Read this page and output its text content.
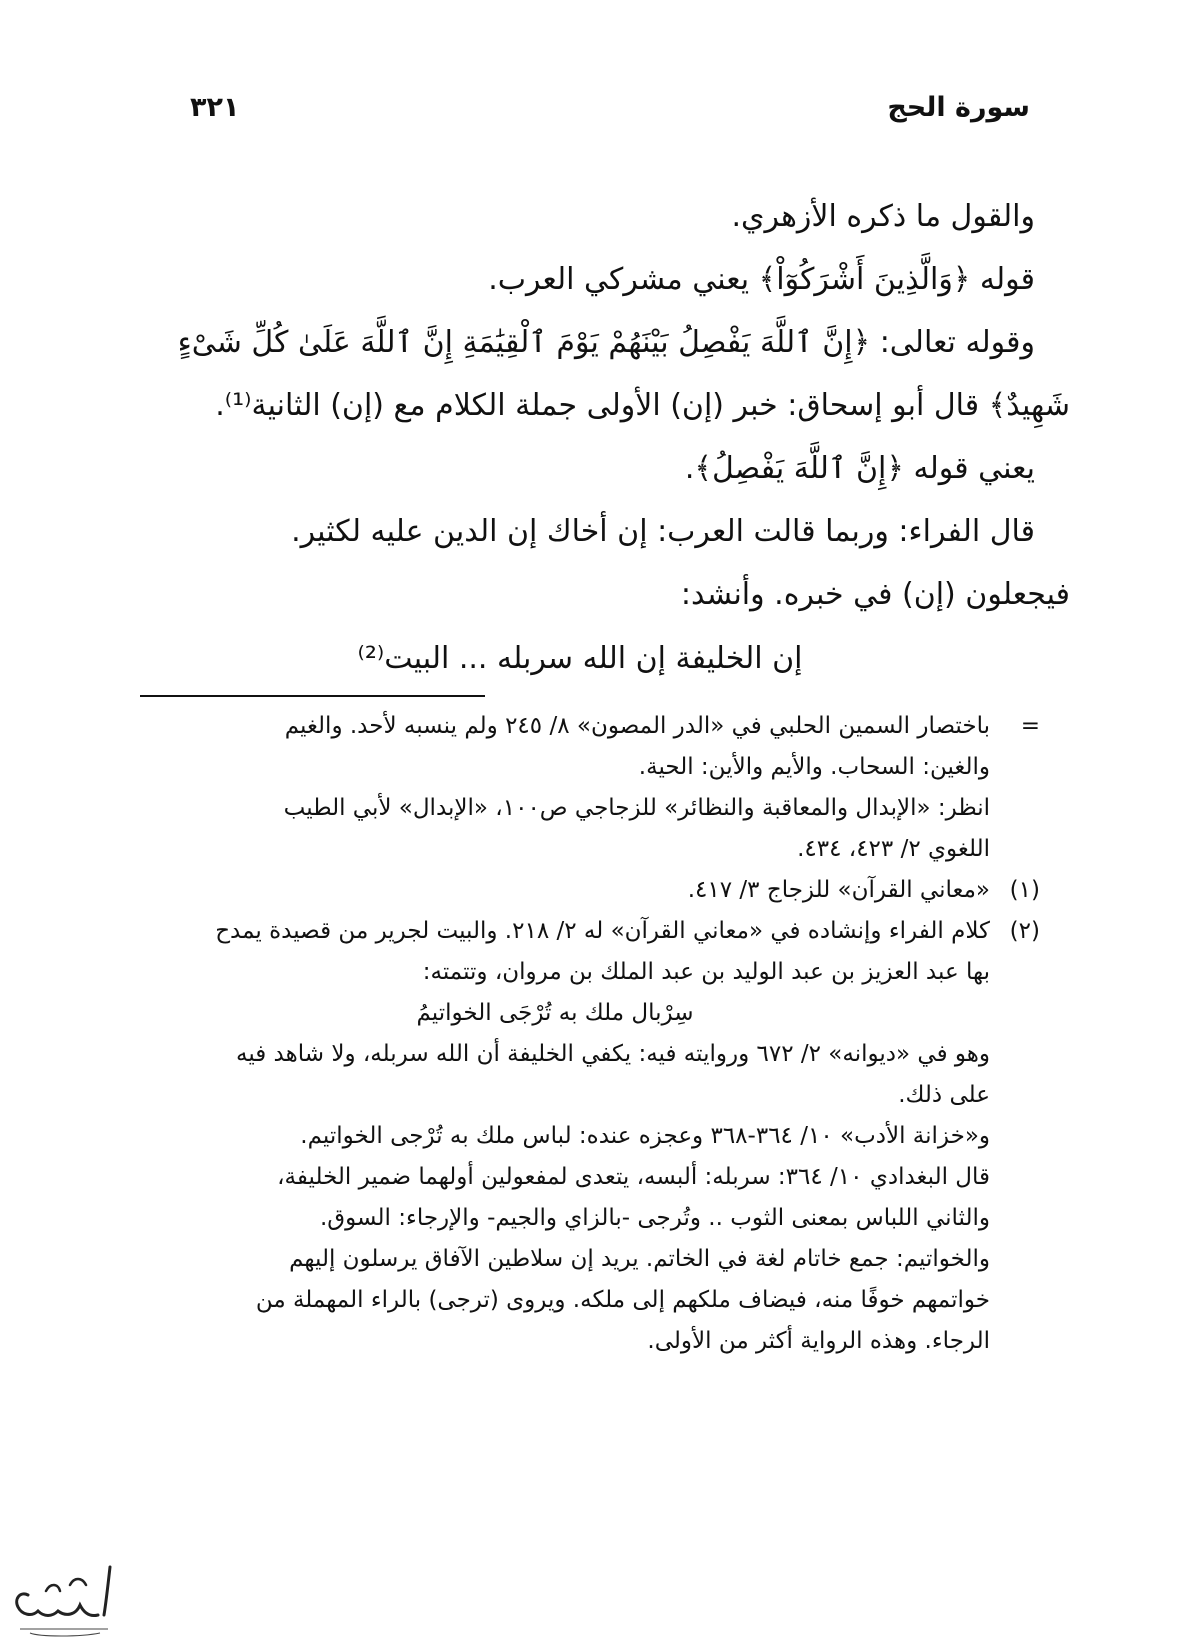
سورة الحج
٣٢١
والقول ما ذكره الأزهري.
قوله ﴿وَالَّذِينَ أَشْرَكُوٓاْ﴾ يعني مشركي العرب.
وقوله تعالى: ﴿إِنَّ ٱللَّهَ يَفْصِلُ بَيْنَهُمْ يَوْمَ ٱلْقِيَٰمَةِ إِنَّ ٱللَّهَ عَلَىٰ كُلِّ شَىْءٍ
شَهِيدٌ﴾ قال أبو إسحاق: خبر (إن) الأولى جملة الكلام مع (إن) الثانية⁽¹⁾.
يعني قوله ﴿إِنَّ ٱللَّهَ يَفْصِلُ﴾.
قال الفراء: وربما قالت العرب: إن أخاك إن الدين عليه لكثير.
فيجعلون (إن) في خبره. وأنشد:
إن الخليفة إن الله سربله ... البيت⁽²⁾
=
باختصار السمين الحلبي في «الدر المصون» ٨/ ٢٤٥ ولم ينسبه لأحد. والغيم
والغين: السحاب. والأيم والأين: الحية.
انظر: «الإبدال والمعاقبة والنظائر» للزجاجي ص١٠٠، «الإبدال» لأبي الطيب
اللغوي ٢/ ٤٢٣، ٤٣٤.
(١)
«معاني القرآن» للزجاج ٣/ ٤١٧.
(٢)
كلام الفراء وإنشاده في «معاني القرآن» له ٢/ ٢١٨. والبيت لجرير من قصيدة يمدح
بها عبد العزيز بن عبد الوليد بن عبد الملك بن مروان، وتتمته:
سِرْبال ملك به تُرْجَى الخواتيمُ
وهو في «ديوانه» ٢/ ٦٧٢ وروايته فيه: يكفي الخليفة أن الله سربله، ولا شاهد فيه
على ذلك.
و«خزانة الأدب» ١٠/ ٣٦٤-٣٦٨ وعجزه عنده: لباس ملك به تُرْجى الخواتيم.
قال البغدادي ١٠/ ٣٦٤: سربله: ألبسه، يتعدى لمفعولين أولهما ضمير الخليفة،
والثاني اللباس بمعنى الثوب .. وتُرجى -بالزاي والجيم- والإرجاء: السوق.
والخواتيم: جمع خاتام لغة في الخاتم. يريد إن سلاطين الآفاق يرسلون إليهم
خواتمهم خوفًا منه، فيضاف ملكهم إلى ملكه. ويروى (ترجى) بالراء المهملة من
الرجاء. وهذه الرواية أكثر من الأولى.
